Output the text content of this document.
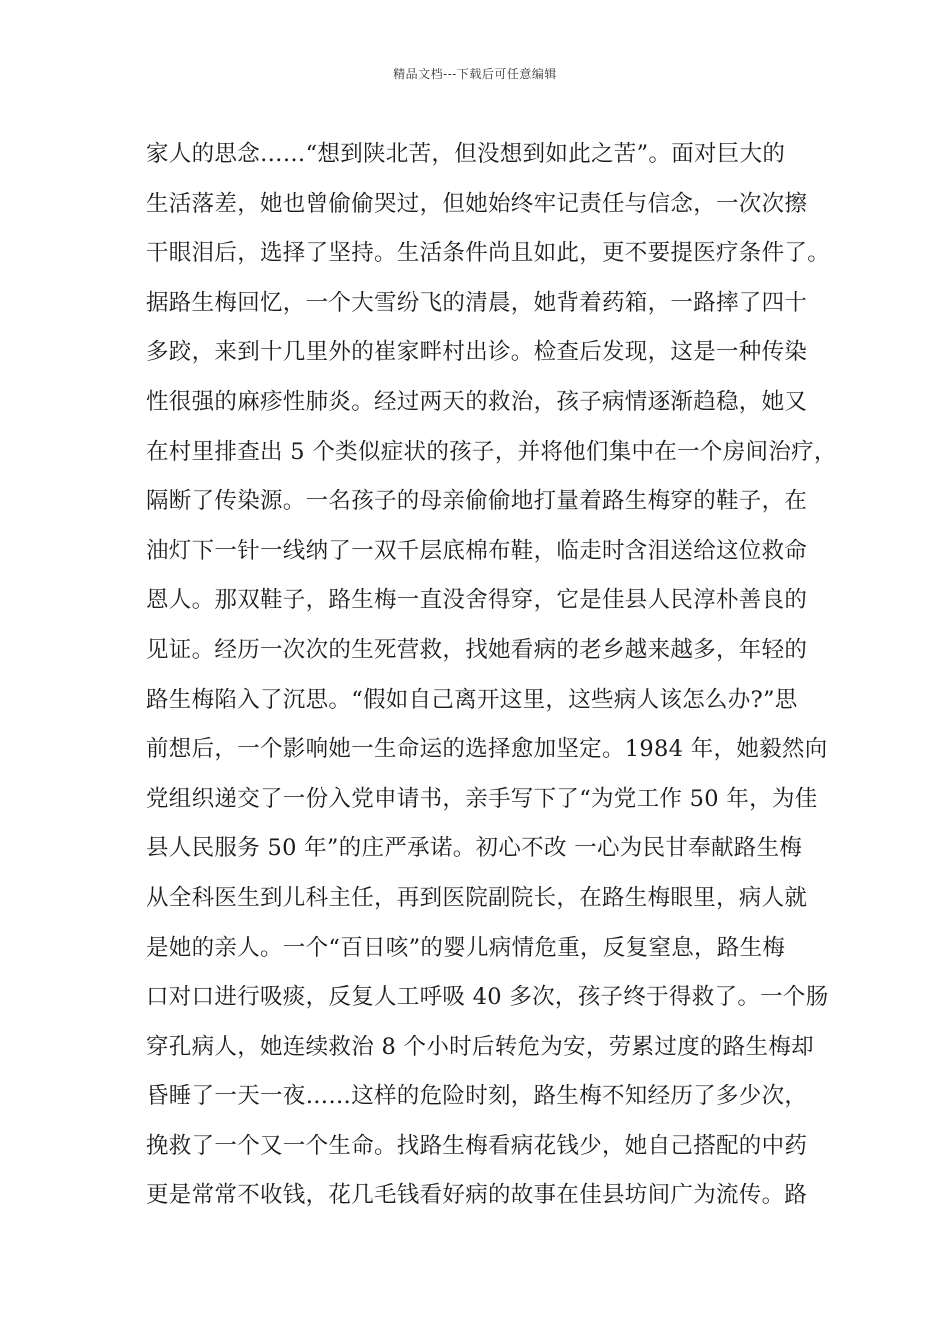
精品文档---下载后可任意编辑
家人的思念……“想到陕北苦，但没想到如此之苦”。面对巨大的
生活落差，她也曾偷偷哭过，但她始终牢记责任与信念，一次次擦
干眼泪后，选择了坚持。生活条件尚且如此，更不要提医疗条件了。
据路生梅回忆，一个大雪纷飞的清晨，她背着药箱，一路摔了四十
多跤，来到十几里外的崔家畔村出诊。检查后发现，这是一种传染
性很强的麻疹性肺炎。经过两天的救治，孩子病情逐渐趋稳，她又
在村里排查出 5 个类似症状的孩子，并将他们集中在一个房间治疗，
隔断了传染源。一名孩子的母亲偷偷地打量着路生梅穿的鞋子，在
油灯下一针一线纳了一双千层底棉布鞋，临走时含泪送给这位救命
恩人。那双鞋子，路生梅一直没舍得穿，它是佳县人民淳朴善良的
见证。经历一次次的生死营救，找她看病的老乡越来越多，年轻的
路生梅陷入了沉思。“假如自己离开这里，这些病人该怎么办?”思
前想后，一个影响她一生命运的选择愈加坚定。1984 年，她毅然向
党组织递交了一份入党申请书，亲手写下了“为党工作 50 年，为佳
县人民服务 50 年”的庄严承诺。初心不改 一心为民甘奉献路生梅
从全科医生到儿科主任，再到医院副院长，在路生梅眼里，病人就
是她的亲人。一个“百日咳”的婴儿病情危重，反复窒息，路生梅
口对口进行吸痰，反复人工呼吸 40 多次，孩子终于得救了。一个肠
穿孔病人，她连续救治 8 个小时后转危为安，劳累过度的路生梅却
昏睡了一天一夜……这样的危险时刻，路生梅不知经历了多少次，
挽救了一个又一个生命。找路生梅看病花钱少，她自己搭配的中药
更是常常不收钱，花几毛钱看好病的故事在佳县坊间广为流传。路
